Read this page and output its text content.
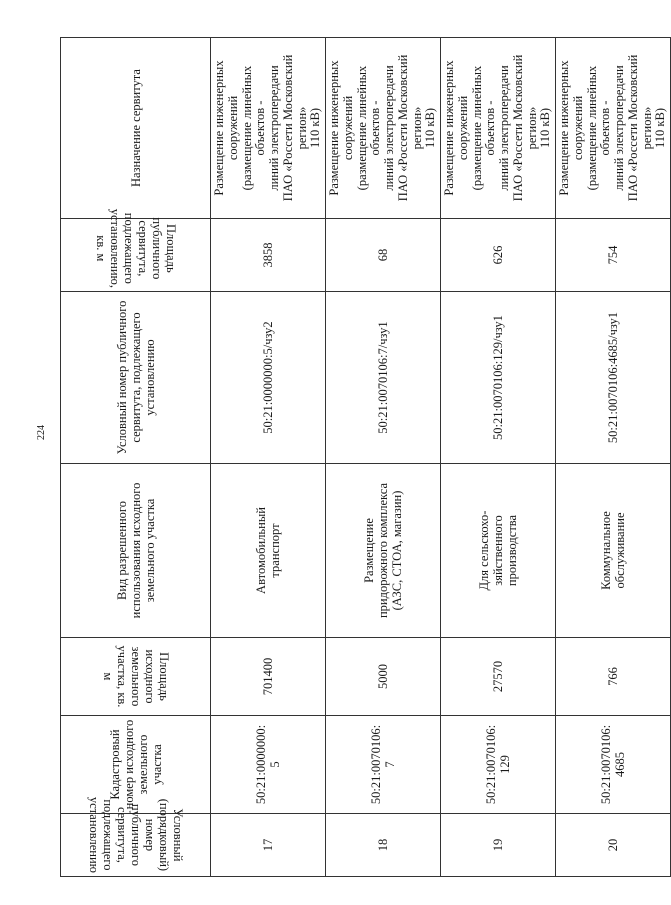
224
Условный (порядковый) номер публичного сервитута, подлежащего установлению	Кадастровый номер исходного земельного участка	Площадь исходного земельного участка, кв. м	Вид разрешенного использования исходного земельного участка	Условный номер публичного сервитута, подлежащего установлению	Площадь публичного сервитута, подлежащего установлению, кв. м	Назначение сервитута
17	50:21:0000000:
5	701400	Автомобильный
транспорт	50:21:0000000:5/чзу2	3858	Размещение инженерных сооружений
(размещение линейных объектов -
линий электропередачи
ПАО «Россети Московский регион»
110 кВ)
18	50:21:0070106:
7	5000	Размещение
придорожного комплекса
(АЗС, СТОА, магазин)	50:21:0070106:7/чзу1	68	Размещение инженерных сооружений
(размещение линейных объектов -
линий электропередачи
ПАО «Россети Московский регион»
110 кВ)
19	50:21:0070106:
129	27570	Для сельскохо-
зяйственного
производства	50:21:0070106:129/чзу1	626	Размещение инженерных сооружений
(размещение линейных объектов -
линий электропередачи
ПАО «Россети Московский регион»
110 кВ)
20	50:21:0070106:
4685	766	Коммунальное
обслуживание	50:21:0070106:4685/чзу1	754	Размещение инженерных сооружений
(размещение линейных объектов -
линий электропередачи
ПАО «Россети Московский регион»
110 кВ)
